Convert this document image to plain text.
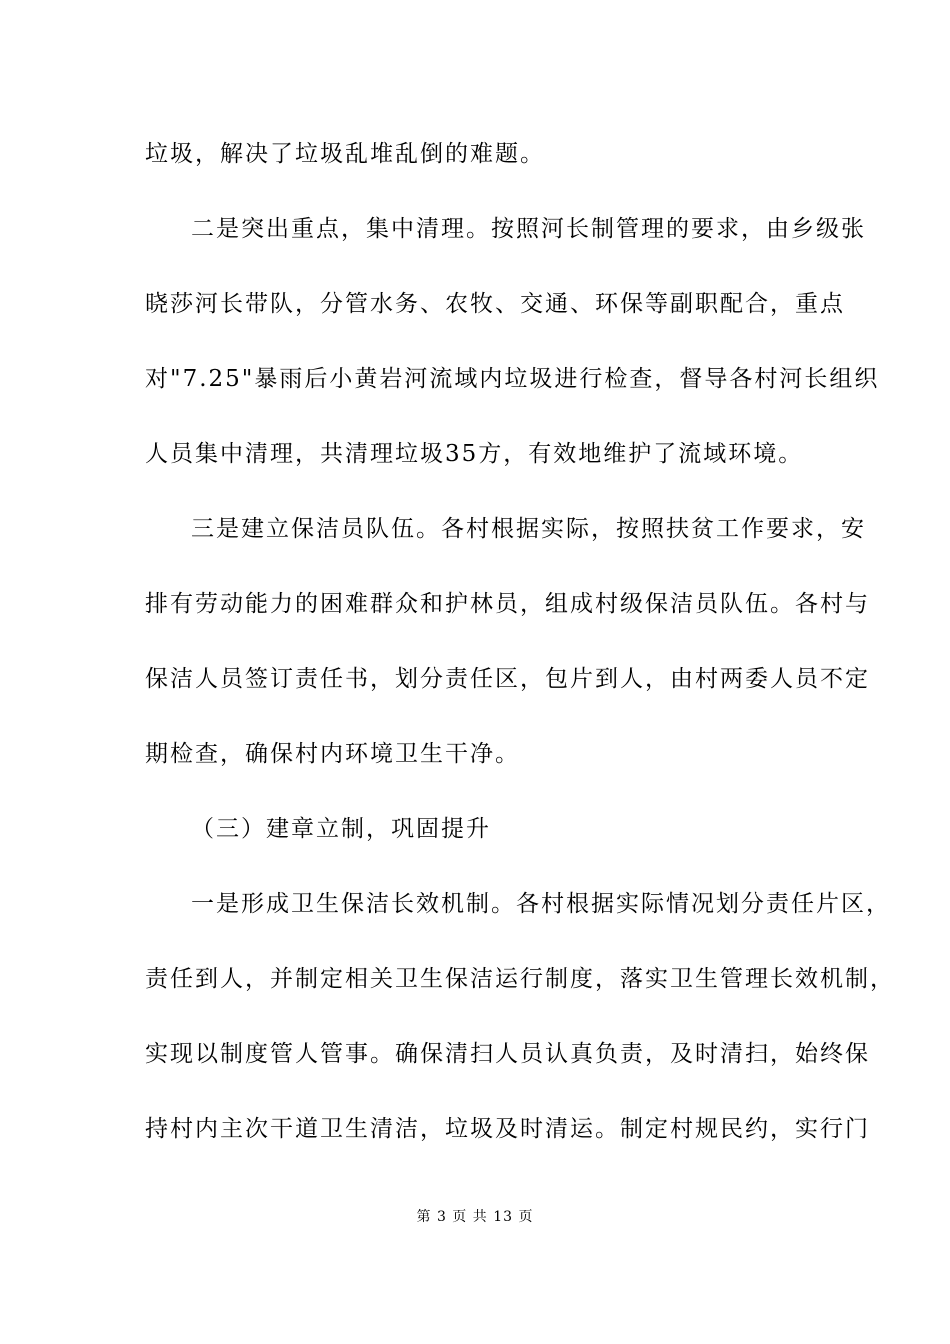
垃圾，解决了垃圾乱堆乱倒的难题。
二是突出重点，集中清理。按照河长制管理的要求，由乡级张
晓莎河长带队，分管水务、农牧、交通、环保等副职配合，重点
对"7.25"暴雨后小黄岩河流域内垃圾进行检查，督导各村河长组织
人员集中清理，共清理垃圾35方，有效地维护了流域环境。
三是建立保洁员队伍。各村根据实际，按照扶贫工作要求，安
排有劳动能力的困难群众和护林员，组成村级保洁员队伍。各村与
保洁人员签订责任书，划分责任区，包片到人，由村两委人员不定
期检查，确保村内环境卫生干净。
（三）建章立制，巩固提升
一是形成卫生保洁长效机制。各村根据实际情况划分责任片区，
责任到人，并制定相关卫生保洁运行制度，落实卫生管理长效机制，
实现以制度管人管事。确保清扫人员认真负责，及时清扫，始终保
持村内主次干道卫生清洁，垃圾及时清运。制定村规民约，实行门
第 3 页 共 13 页
